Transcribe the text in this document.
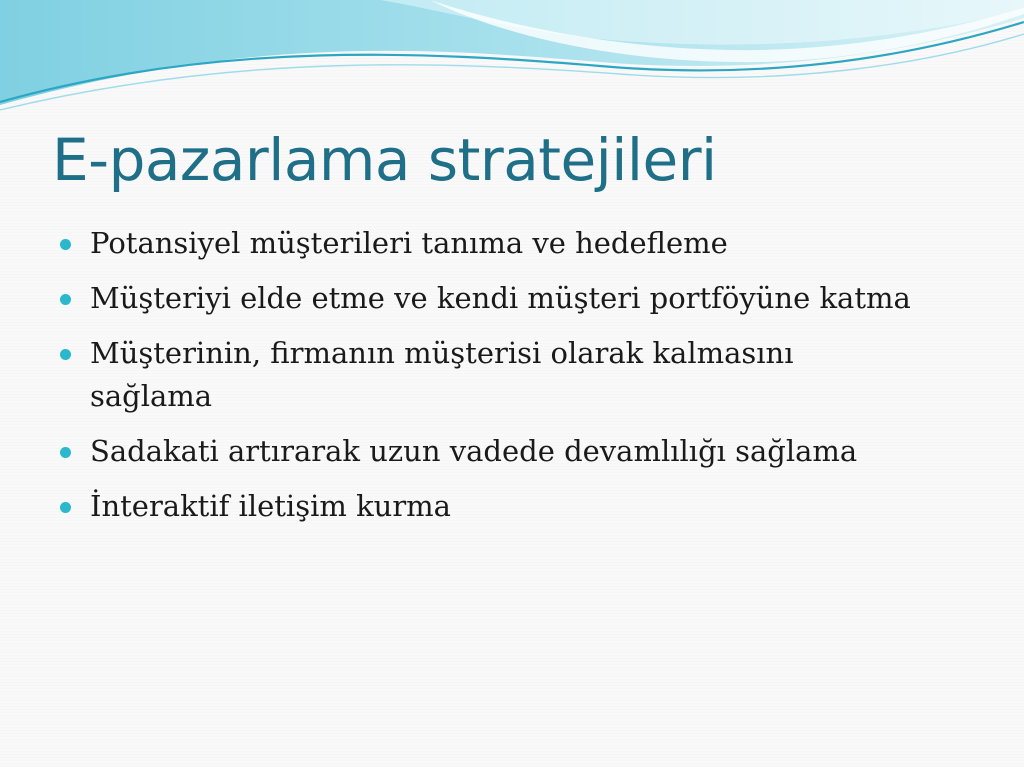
E-pazarlama stratejileri
Potansiyel müşterileri tanıma ve hedefleme
Müşteriyi elde etme ve kendi müşteri portföyüne katma
Müşterinin, firmanın müşterisi olarak kalmasını sağlama
Sadakati artırarak uzun vadede devamlılığı sağlama
İnteraktif iletişim kurma
